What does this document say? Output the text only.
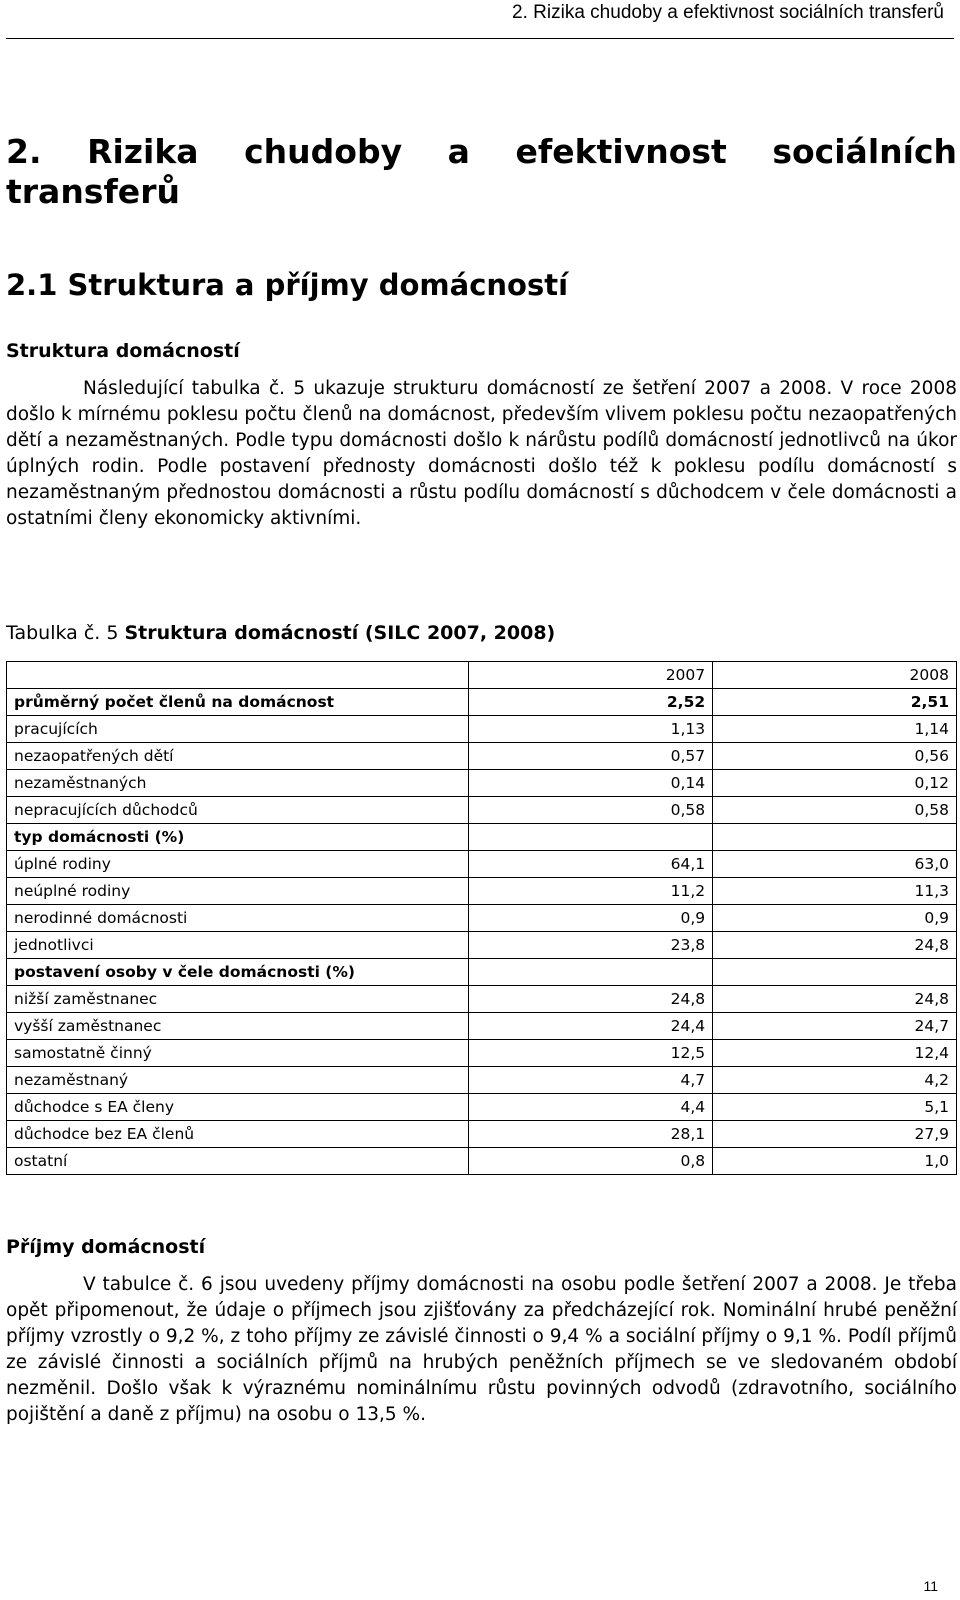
2. Rizika chudoby a efektivnost sociálních transferů
2. Rizika chudoby a efektivnost sociálních transferů
2.1 Struktura a příjmy domácností
Struktura domácností

Následující tabulka č. 5 ukazuje strukturu domácností ze šetření 2007 a 2008. V roce 2008 došlo k mírnému poklesu počtu členů na domácnost, především vlivem poklesu počtu nezaopatřených dětí a nezaměstnaných. Podle typu domácnosti došlo k nárůstu podílů domácností jednotlivců na úkor úplných rodin. Podle postavení přednosty domácnosti došlo též k poklesu podílu domácností s nezaměstnaným přednostou domácnosti a růstu podílu domácností s důchodcem v čele domácnosti a ostatními členy ekonomicky aktivními.

Tabulka č. 5 Struktura domácností (SILC 2007, 2008)

	2007	2008
průměrný počet členů na domácnost	2,52	2,51
pracujících	1,13	1,14
nezaopatřených dětí	0,57	0,56
nezaměstnaných	0,14	0,12
nepracujících důchodců	0,58	0,58
typ domácnosti (%)		
úplné rodiny	64,1	63,0
neúplné rodiny	11,2	11,3
nerodinné domácnosti	0,9	0,9
jednotlivci	23,8	24,8
postavení osoby v čele domácnosti (%)		
nižší zaměstnanec	24,8	24,8
vyšší zaměstnanec	24,4	24,7
samostatně činný	12,5	12,4
nezaměstnaný	4,7	4,2
důchodce s EA členy	4,4	5,1
důchodce bez EA členů	28,1	27,9
ostatní	0,8	1,0
Příjmy domácností

V tabulce č. 6 jsou uvedeny příjmy domácnosti na osobu podle šetření 2007 a 2008. Je třeba opět připomenout, že údaje o příjmech jsou zjišťovány za předcházející rok. Nominální hrubé peněžní příjmy vzrostly o 9,2 %, z toho příjmy ze závislé činnosti o 9,4 % a sociální příjmy o 9,1 %. Podíl příjmů ze závislé činnosti a sociálních příjmů na hrubých peněžních příjmech se ve sledovaném období nezměnil. Došlo však k výraznému nominálnímu růstu povinných odvodů (zdravotního, sociálního pojištění a daně z příjmu) na osobu o 13,5 %.

11
